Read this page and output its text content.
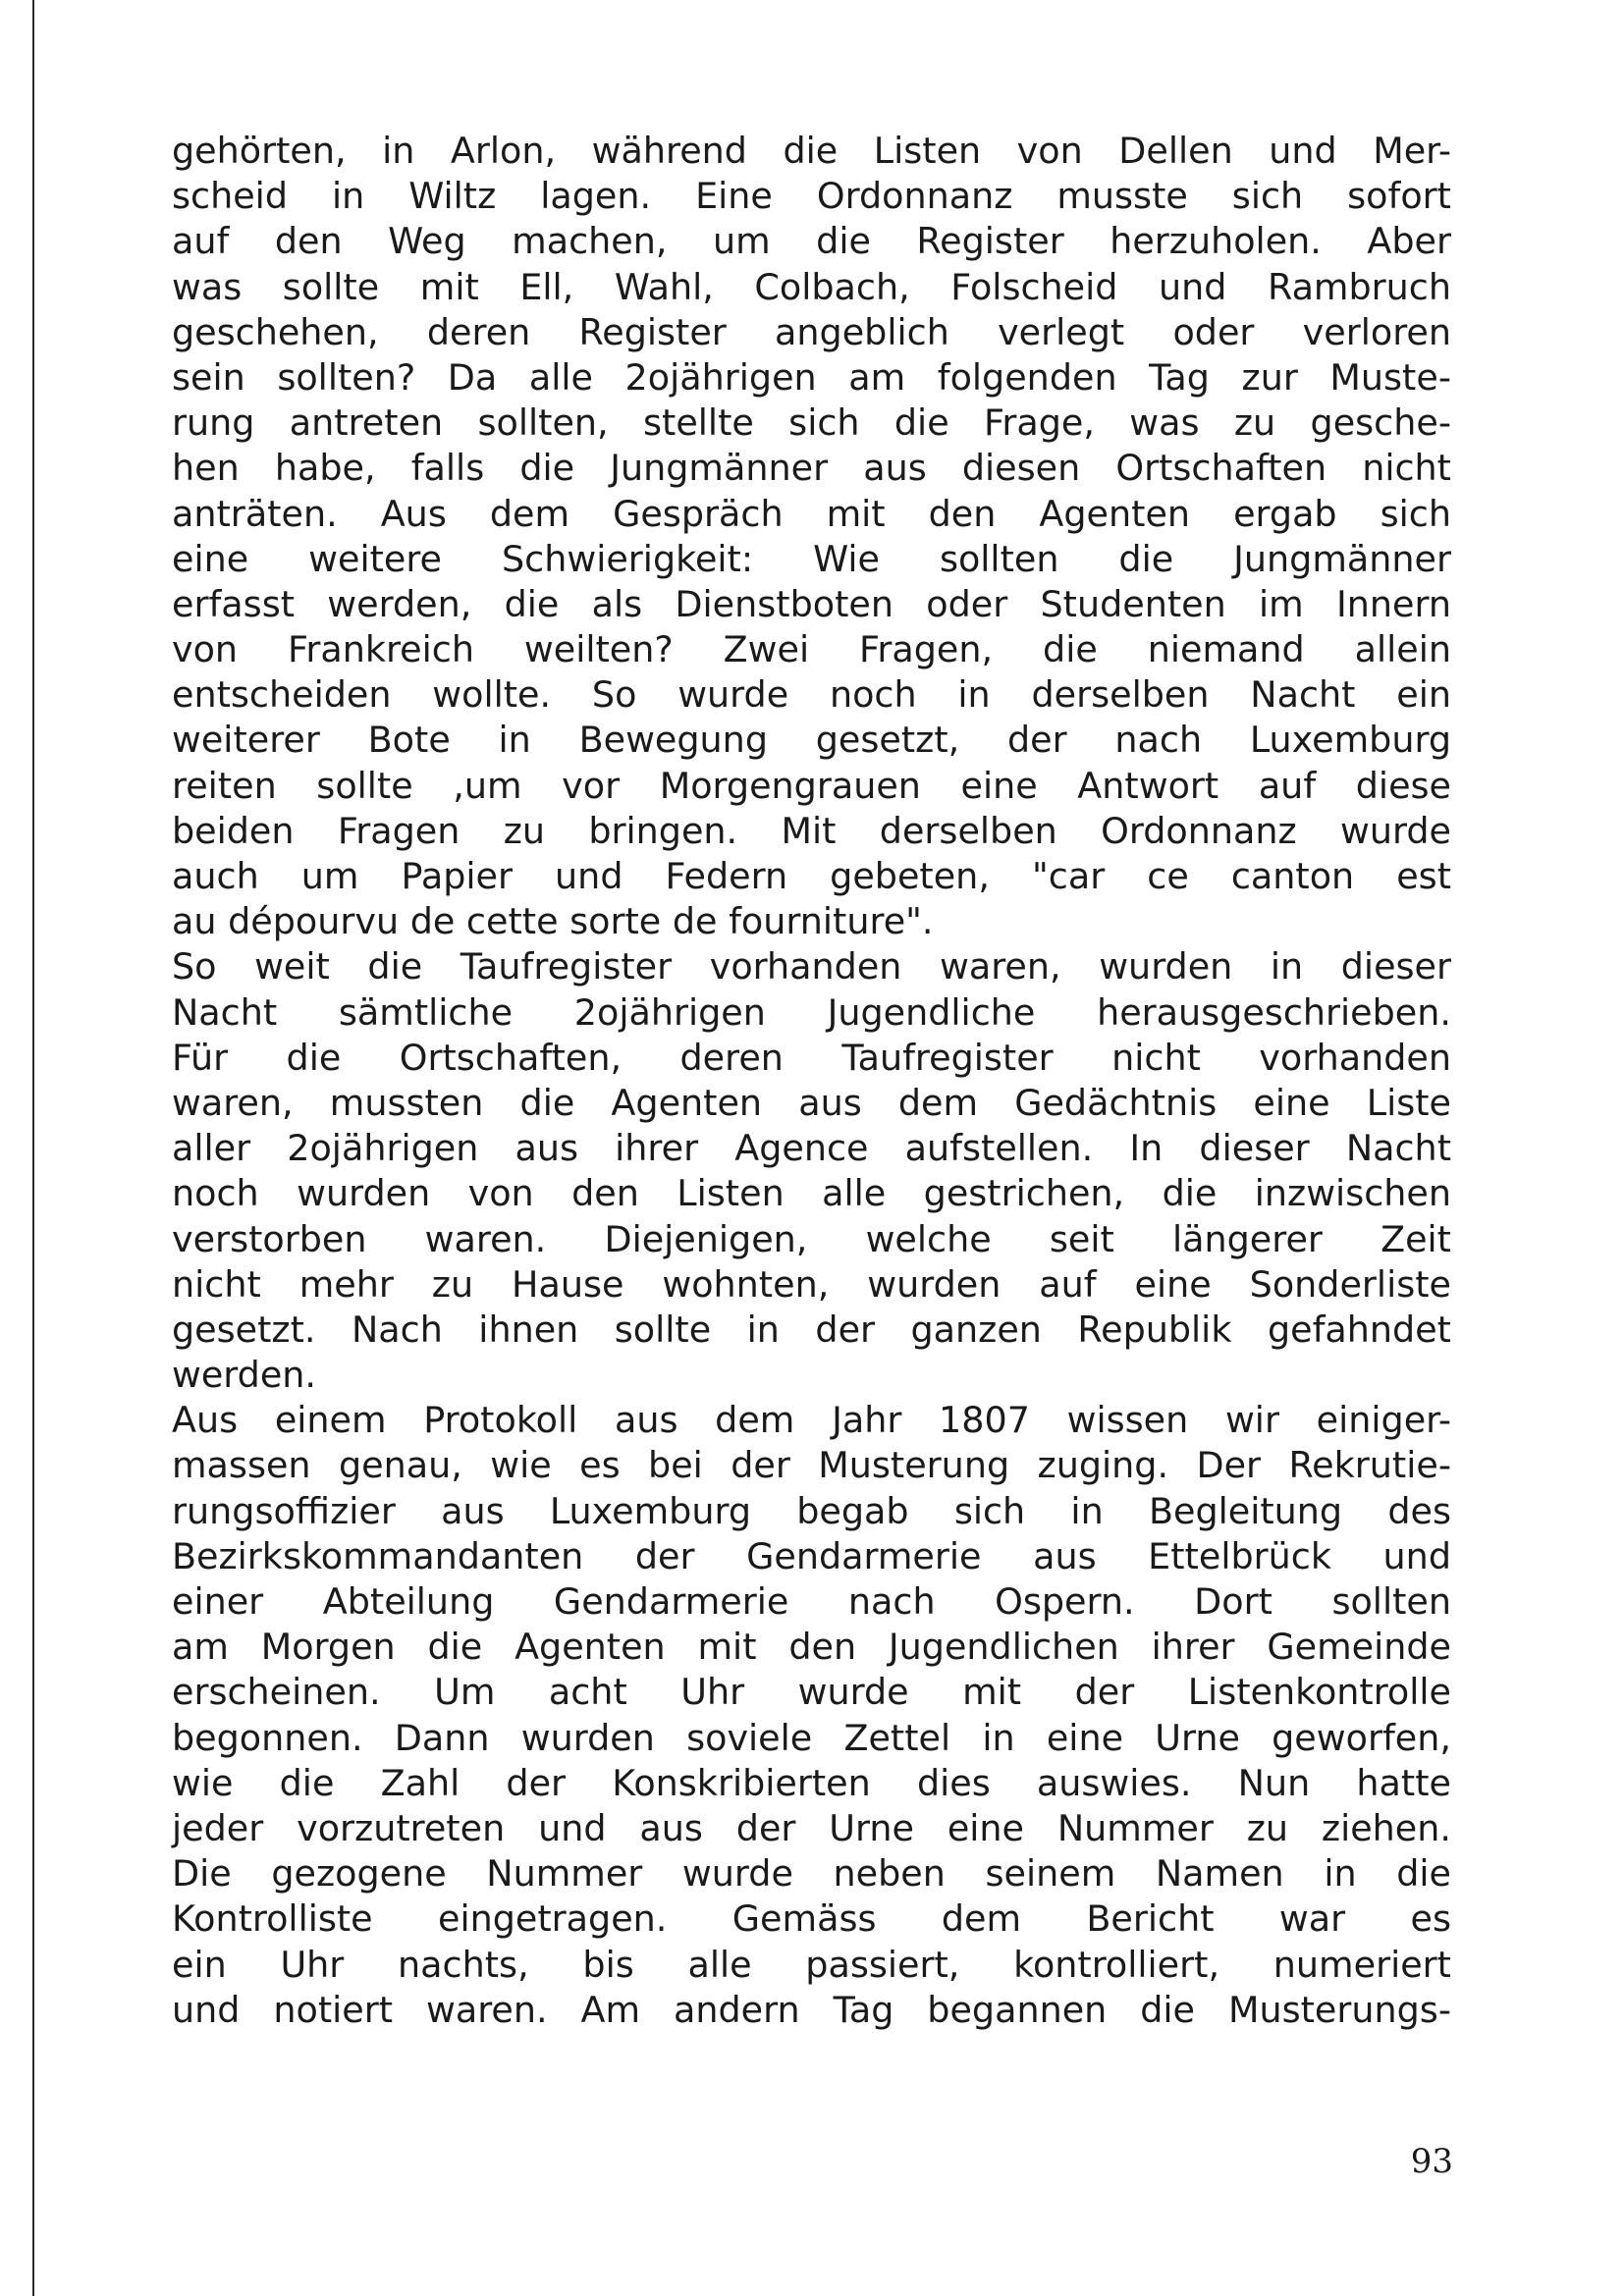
gehörten, in Arlon, während die Listen von Dellen und Mer-
scheid in Wiltz lagen. Eine Ordonnanz musste sich sofort
auf den Weg machen, um die Register herzuholen. Aber
was sollte mit Ell, Wahl, Colbach, Folscheid und Rambruch
geschehen, deren Register angeblich verlegt oder verloren
sein sollten? Da alle 2ojährigen am folgenden Tag zur Muste-
rung antreten sollten, stellte sich die Frage, was zu gesche-
hen habe, falls die Jungmänner aus diesen Ortschaften nicht
anträten. Aus dem Gespräch mit den Agenten ergab sich
eine weitere Schwierigkeit: Wie sollten die Jungmänner
erfasst werden, die als Dienstboten oder Studenten im Innern
von Frankreich weilten? Zwei Fragen, die niemand allein
entscheiden wollte. So wurde noch in derselben Nacht ein
weiterer Bote in Bewegung gesetzt, der nach Luxemburg
reiten sollte ,um vor Morgengrauen eine Antwort auf diese
beiden Fragen zu bringen. Mit derselben Ordonnanz wurde
auch um Papier und Federn gebeten, "car ce canton est
au dépourvu de cette sorte de fourniture".
So weit die Taufregister vorhanden waren, wurden in dieser
Nacht sämtliche 2ojährigen Jugendliche herausgeschrieben.
Für die Ortschaften, deren Taufregister nicht vorhanden
waren, mussten die Agenten aus dem Gedächtnis eine Liste
aller 2ojährigen aus ihrer Agence aufstellen. In dieser Nacht
noch wurden von den Listen alle gestrichen, die inzwischen
verstorben waren. Diejenigen, welche seit längerer Zeit
nicht mehr zu Hause wohnten, wurden auf eine Sonderliste
gesetzt. Nach ihnen sollte in der ganzen Republik gefahndet
werden.
Aus einem Protokoll aus dem Jahr 1807 wissen wir einiger-
massen genau, wie es bei der Musterung zuging. Der Rekrutie-
rungsoffizier aus Luxemburg begab sich in Begleitung des
Bezirkskommandanten der Gendarmerie aus Ettelbrück und
einer Abteilung Gendarmerie nach Ospern. Dort sollten
am Morgen die Agenten mit den Jugendlichen ihrer Gemeinde
erscheinen. Um acht Uhr wurde mit der Listenkontrolle
begonnen. Dann wurden soviele Zettel in eine Urne geworfen,
wie die Zahl der Konskribierten dies auswies. Nun hatte
jeder vorzutreten und aus der Urne eine Nummer zu ziehen.
Die gezogene Nummer wurde neben seinem Namen in die
Kontrolliste eingetragen. Gemäss dem Bericht war es
ein Uhr nachts, bis alle passiert, kontrolliert, numeriert
und notiert waren. Am andern Tag begannen die Musterungs-
93
